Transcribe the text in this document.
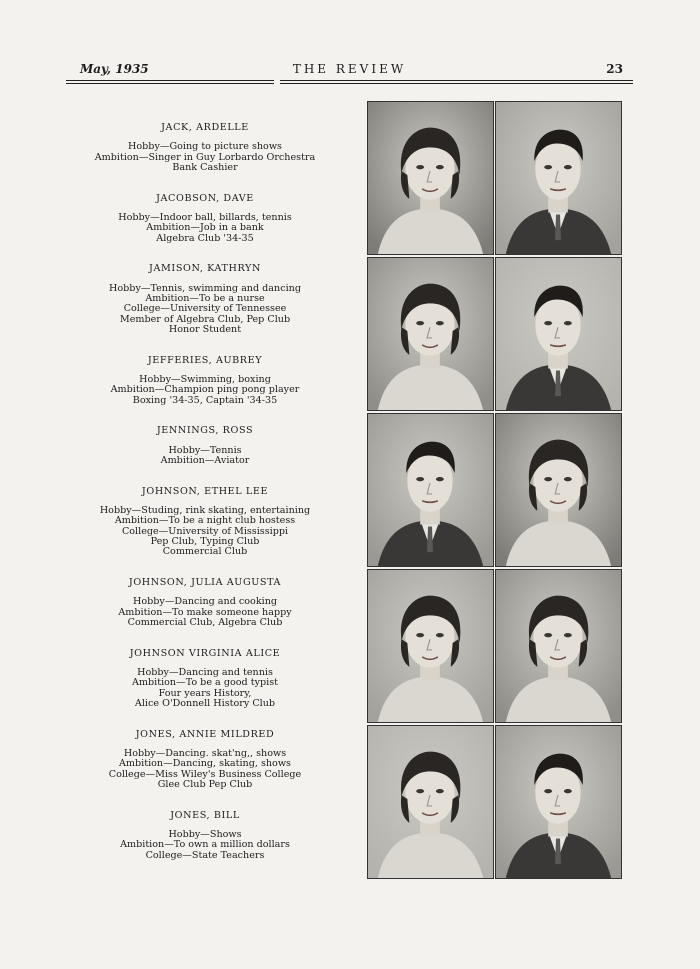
May, 1935	THE REVIEW	23
JACK, ARDELLE
Hobby—Going to picture shows
Ambition—Singer in Guy Lorbardo Orchestra
Bank Cashier
JACOBSON, DAVE
Hobby—Indoor ball, billards, tennis
Ambition—Job in a bank
Algebra Club '34-35
JAMISON, KATHRYN
Hobby—Tennis, swimming and dancing
Ambition—To be a nurse
College—University of Tennessee
Member of Algebra Club, Pep Club
Honor Student
JEFFERIES, AUBREY
Hobby—Swimming, boxing
Ambition—Champion ping pong player
Boxing '34-35, Captain '34-35
JENNINGS, ROSS
Hobby—Tennis
Ambition—Aviator
JOHNSON, ETHEL LEE
Hobby—Studing, rink skating, entertaining
Ambition—To be a night club hostess
College—University of Mississippi
Pep Club, Typing Club
Commercial Club
JOHNSON, JULIA AUGUSTA
Hobby—Dancing and cooking
Ambition—To make someone happy
Commercial Club, Algebra Club
JOHNSON VIRGINIA ALICE
Hobby—Dancing and tennis
Ambition—To be a good typist
Four years History,
Alice O'Donnell History Club
JONES, ANNIE MILDRED
Hobby—Dancing. skat'ng,, shows
Ambition—Dancing, skating, shows
College—Miss Wiley's Business College
Glee Club Pep Club
JONES, BILL
Hobby—Shows
Ambition—To own a million dollars
College—State Teachers
